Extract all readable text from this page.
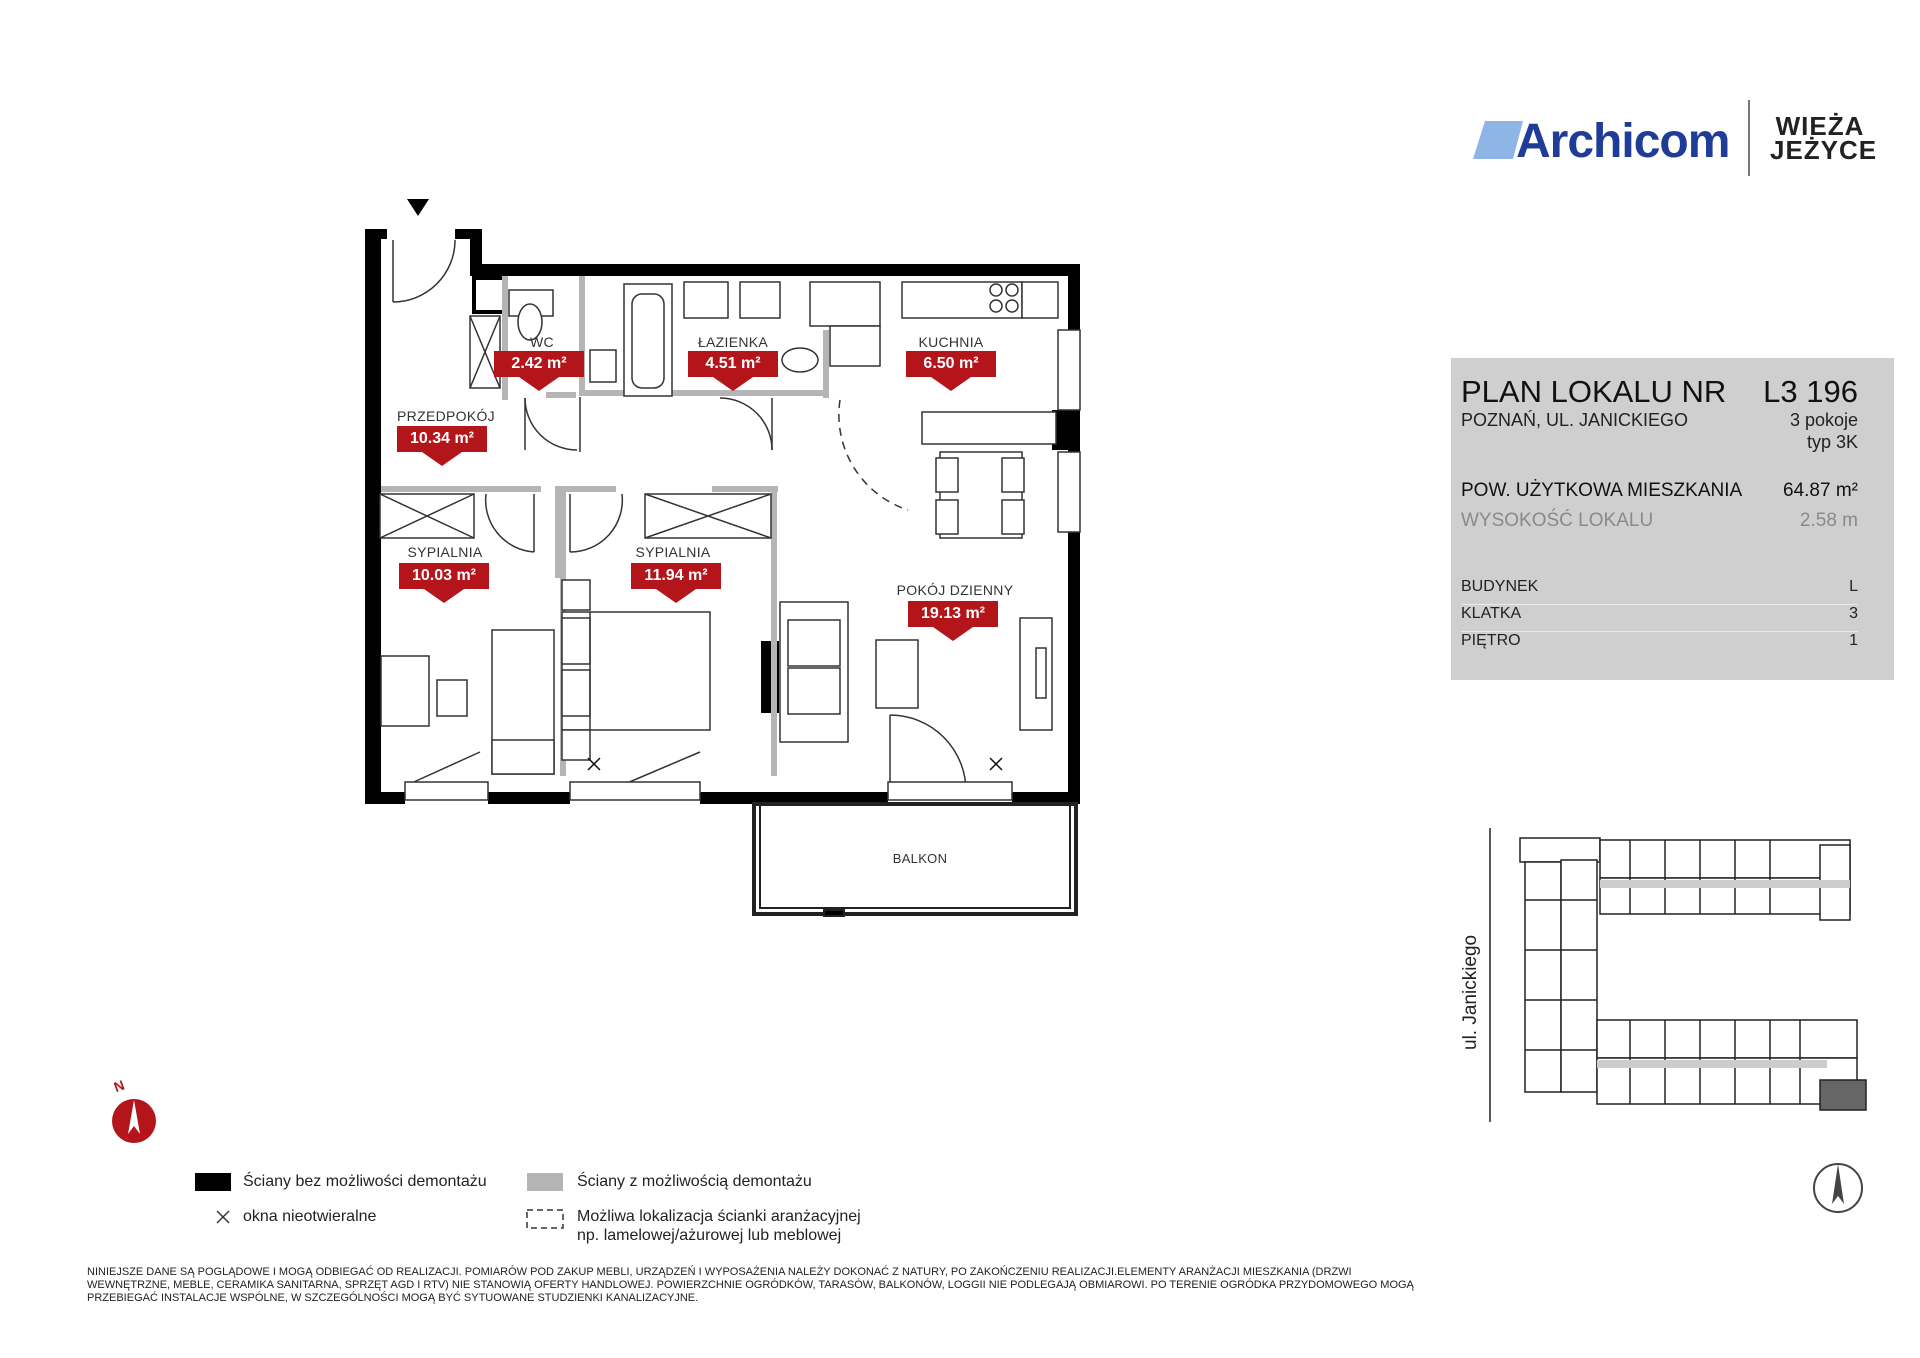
WC
2.42 m²
ŁAZIENKA
4.51 m²
KUCHNIA
6.50 m²
PRZEDPOKÓJ
10.34 m²
SYPIALNIA
10.03 m²
SYPIALNIA
11.94 m²
POKÓJ DZIENNY
19.13 m²
BALKON
Archicom WIEŻA
JEŻYCE
PLAN LOKALU NR L3 196
POZNAŃ, UL. JANICKIEGO	3 pokoje
typ 3K
POW. UŻYTKOWA MIESZKANIA 64.87 m²
WYSOKOŚĆ LOKALU	2.58 m
BUDYNEK	L
KLATKA	3
PIĘTRO	1
ul. Janickiego
N
Ściany bez możliwości demontażu	Ściany z możliwością demontażu
okna nieotwieralne	Możliwa lokalizacja ścianki aranżacyjnej
np. lamelowej/ażurowej lub meblowej
NINIEJSZE DANE SĄ POGLĄDOWE I MOGĄ ODBIEGAĆ OD REALIZACJI. POMIARÓW POD ZAKUP MEBLI, URZĄDZEŃ I WYPOSAŻENIA NALEŻY DOKONAĆ Z NATURY, PO ZAKOŃCZENIU REALIZACJI.ELEMENTY ARANŻACJI MIESZKANIA (DRZWI WEWNĘTRZNE, MEBLE, CERAMIKA SANITARNA, SPRZĘT AGD I RTV) NIE STANOWIĄ OFERTY HANDLOWEJ. POWIERZCHNIE OGRÓDKÓW, TARASÓW, BALKONÓW, LOGGII NIE PODLEGAJĄ OBMIAROWI. PO TERENIE OGRÓDKA PRZYDOMOWEGO MOGĄ PRZEBIEGAĆ INSTALACJE WSPÓLNE, W SZCZEGÓLNOŚCI MOGĄ BYĆ SYTUOWANE STUDZIENKI KANALIZACYJNE.
